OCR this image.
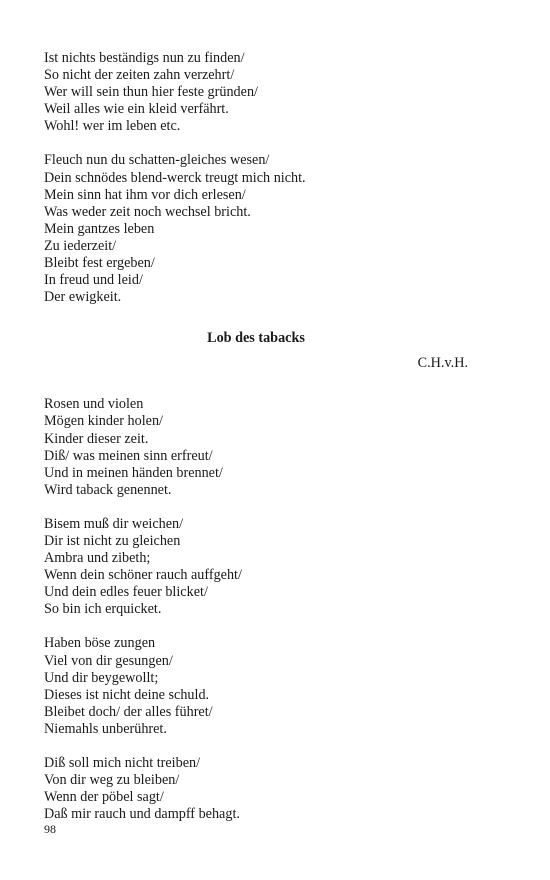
Ist nichts beständigs nun zu finden/
So nicht der zeiten zahn verzehrt/
Wer will sein thun hier feste gründen/
Weil alles wie ein kleid verfährt.
Wohl! wer im leben etc.
Fleuch nun du schatten-gleiches wesen/
Dein schnödes blend-werck treugt mich nicht.
Mein sinn hat ihm vor dich erlesen/
Was weder zeit noch wechsel bricht.
Mein gantzes leben
Zu iederzeit/
Bleibt fest ergeben/
In freud und leid/
Der ewigkeit.
Lob des tabacks
C.H.v.H.
Rosen und violen
Mögen kinder holen/
Kinder dieser zeit.
Diß/ was meinen sinn erfreut/
Und in meinen händen brennet/
Wird taback genennet.
Bisem muß dir weichen/
Dir ist nicht zu gleichen
Ambra und zibeth;
Wenn dein schöner rauch auffgeht/
Und dein edles feuer blicket/
So bin ich erquicket.
Haben böse zungen
Viel von dir gesungen/
Und dir beygewollt;
Dieses ist nicht deine schuld.
Bleibet doch/ der alles führet/
Niemahls unberühret.
Diß soll mich nicht treiben/
Von dir weg zu bleiben/
Wenn der pöbel sagt/
Daß mir rauch und dampff behagt.
98
